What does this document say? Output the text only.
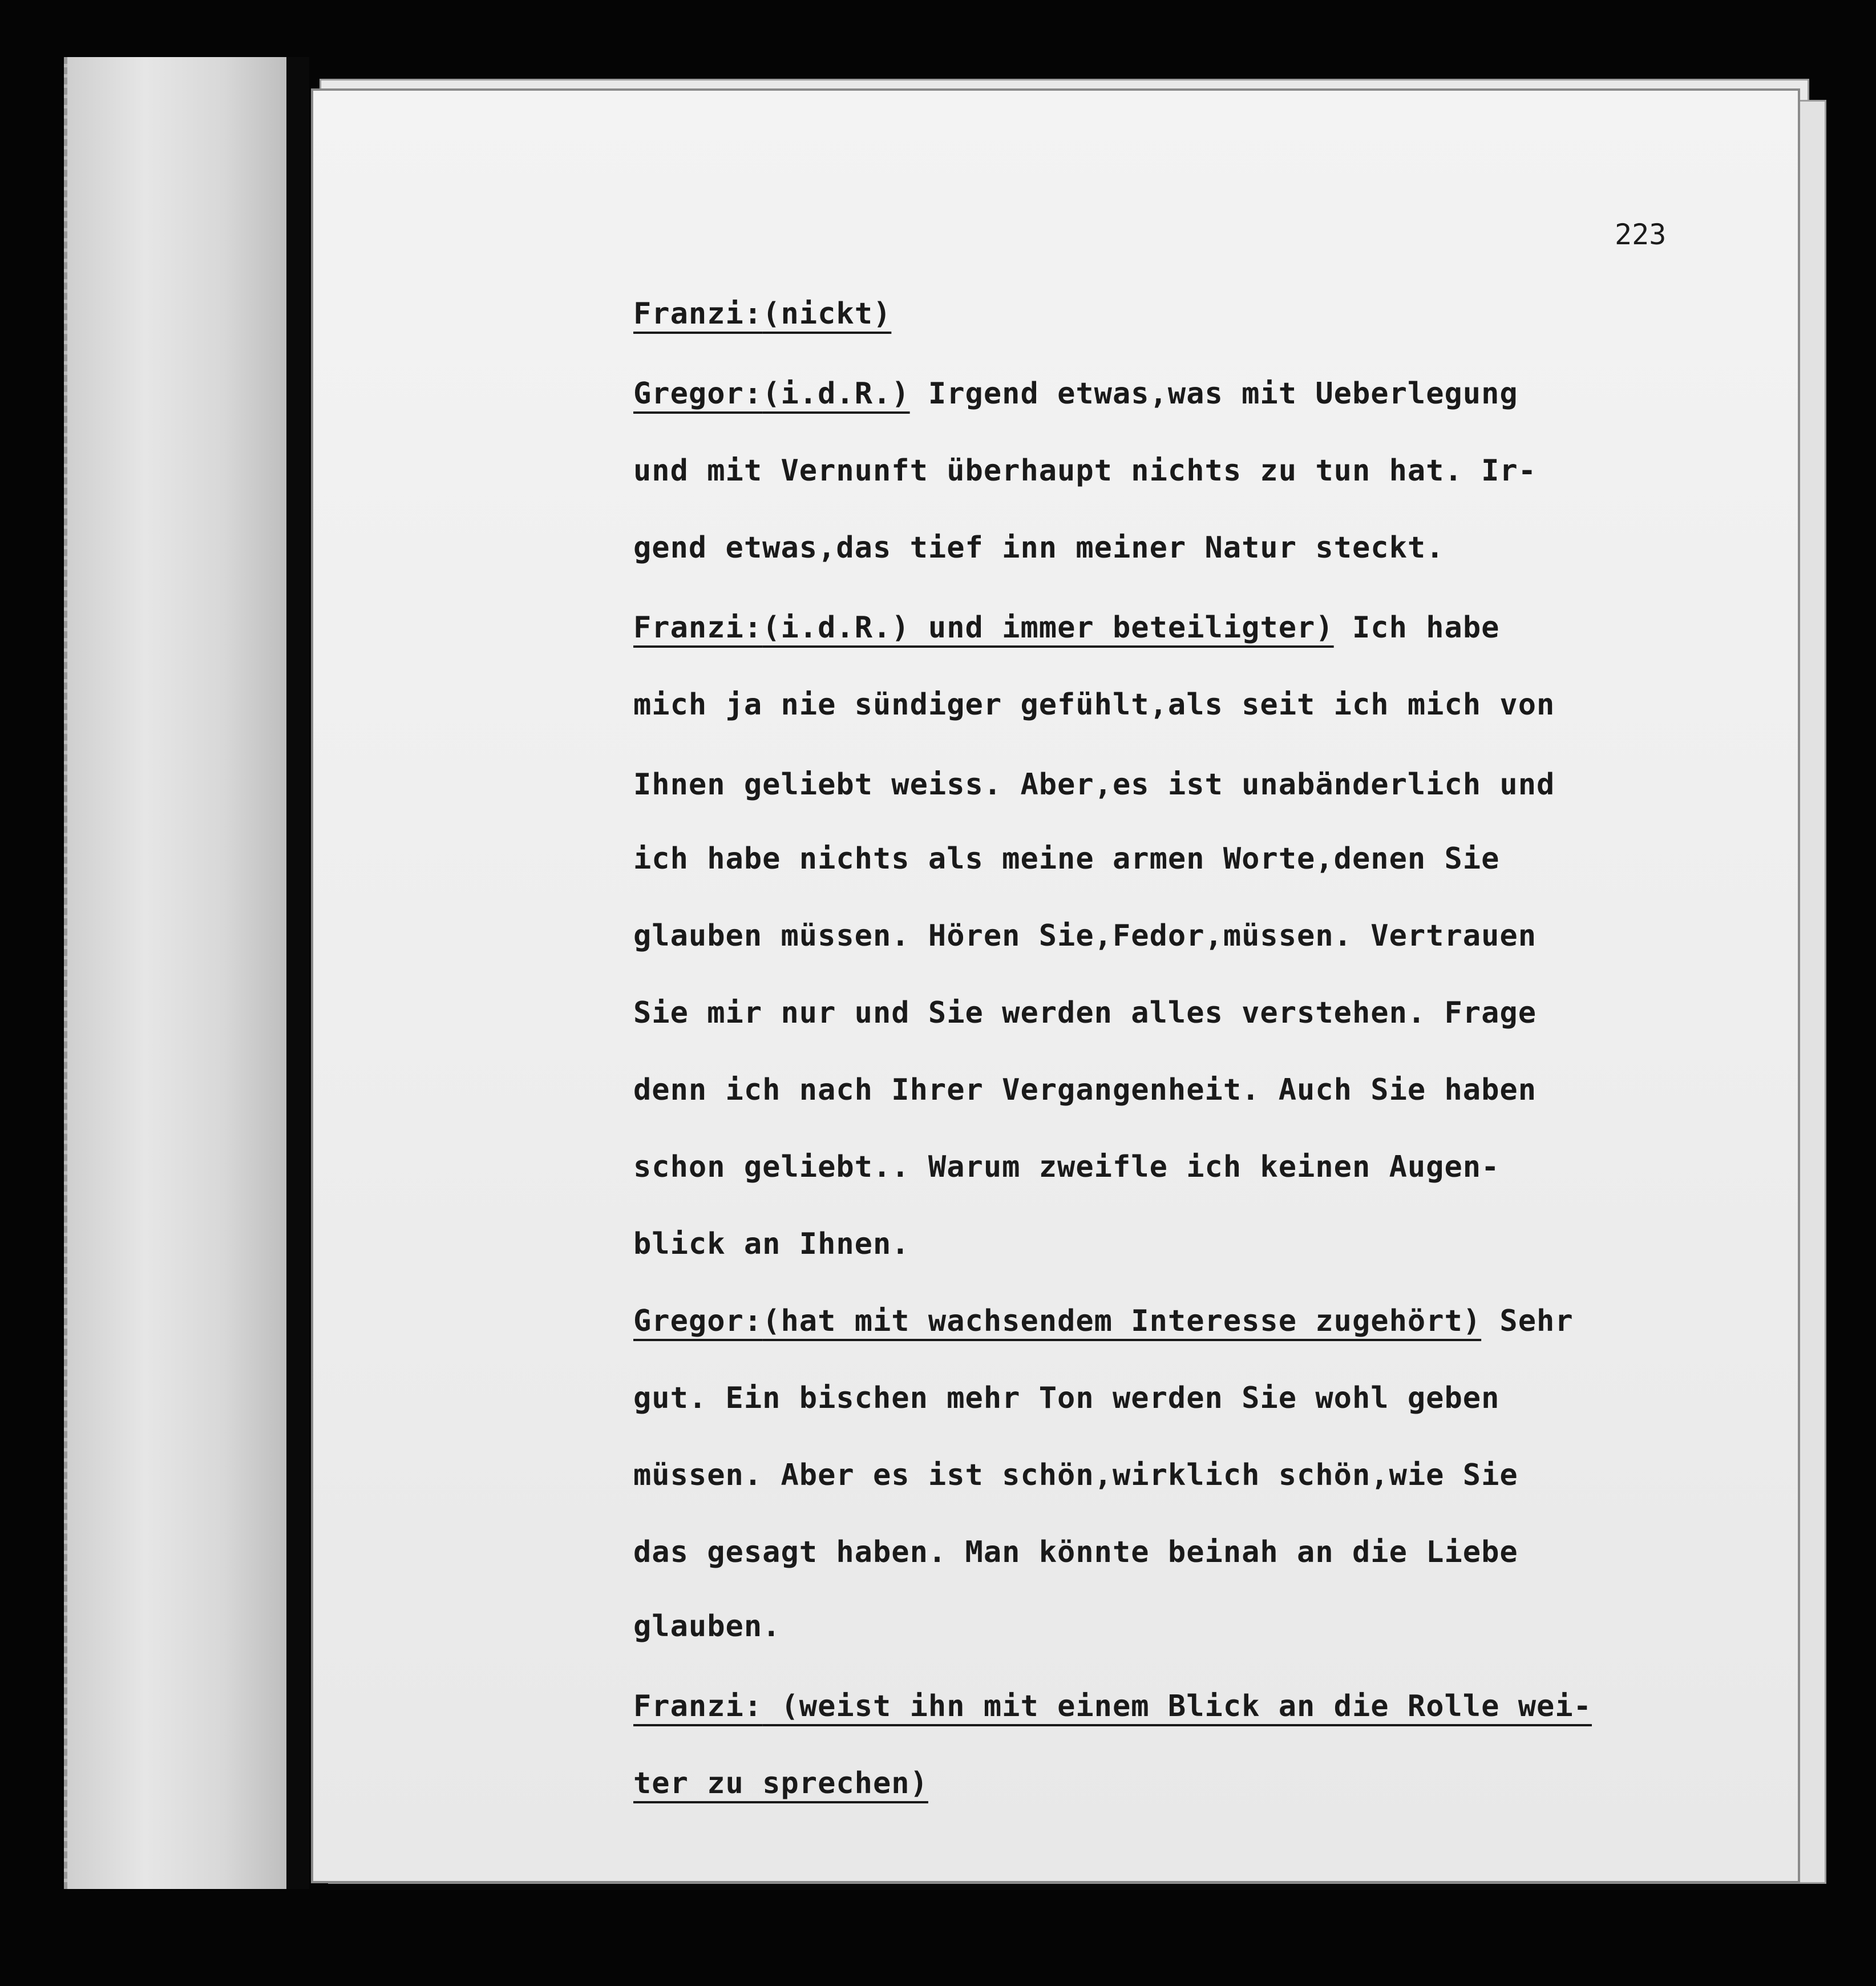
223
Franzi:(nickt)
Gregor:(i.d.R.) Irgend etwas,was mit Ueberlegung
und mit Vernunft überhaupt nichts zu tun hat. Ir-
gend etwas,das tief inn meiner Natur steckt.
Franzi:(i.d.R.) und immer beteiligter) Ich habe
mich ja nie sündiger gefühlt,als seit ich mich von
Ihnen geliebt weiss. Aber,es ist unabänderlich und
ich habe nichts als meine armen Worte,denen Sie
glauben müssen. Hören Sie,Fedor,müssen. Vertrauen
Sie mir nur und Sie werden alles verstehen. Frage
denn ich nach Ihrer Vergangenheit. Auch Sie haben
schon geliebt.. Warum zweifle ich keinen Augen-
blick an Ihnen.
Gregor:(hat mit wachsendem Interesse zugehört) Sehr
gut. Ein bischen mehr Ton werden Sie wohl geben
müssen. Aber es ist schön,wirklich schön,wie Sie
das gesagt haben. Man könnte beinah an die Liebe
glauben.
Franzi: (weist ihn mit einem Blick an die Rolle wei-
ter zu sprechen)
